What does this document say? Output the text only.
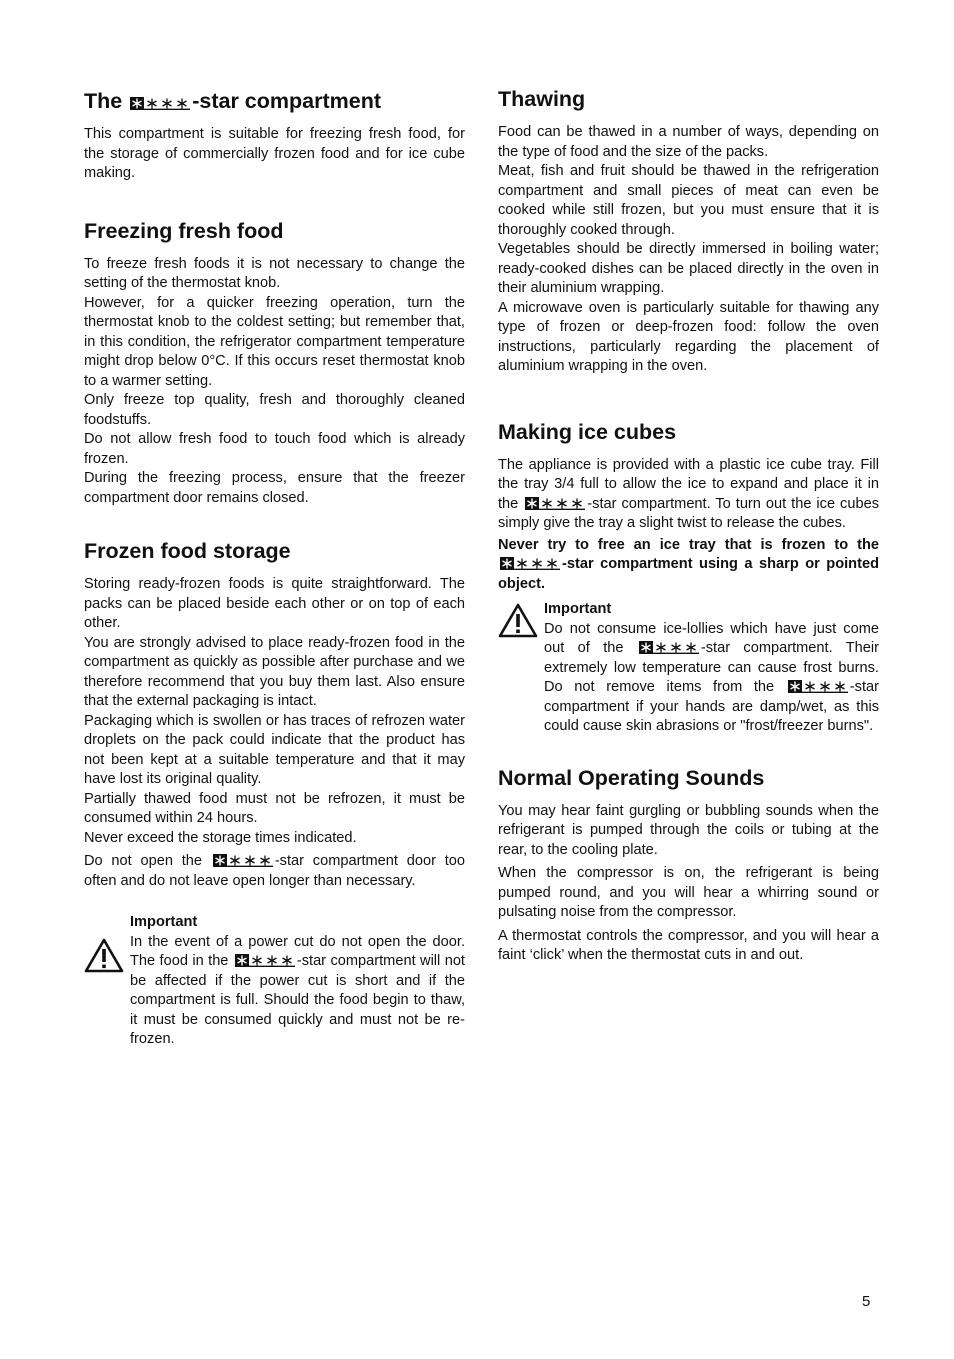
The	-star compartment

This compartment is suitable for freezing fresh food, for the storage of commercially frozen food and for ice cube making.

Freezing fresh food

To freeze fresh foods it is not necessary to change the setting of the thermostat knob.

However, for a quicker freezing operation, turn the thermostat knob to the coldest setting; but remember that, in this condition, the refrigerator compartment temperature might drop below 0°C. If this occurs reset thermostat knob to a warmer setting.

Only freeze top quality, fresh and thoroughly cleaned foodstuffs.

Do not allow fresh food to touch food which is already frozen.

During the freezing process, ensure that the freezer compartment door remains closed.

Frozen food storage

Storing ready-frozen foods is quite straightforward. The packs can be placed beside each other or on top of each other.

You are strongly advised to place ready-frozen food in the compartment as quickly as possible after purchase and we therefore recommend that you buy them last. Also ensure that the external packaging is intact.

Packaging which is swollen or has traces of refrozen water droplets on the pack could indicate that the product has not been kept at a suitable temperature and that it may have lost its original quality.

Partially thawed food must not be refrozen, it must be consumed within 24 hours.

Never exceed the storage times indicated.

Do not open the	-star compartment door too often and do not leave open longer than necessary.

Important

In the event of a power cut do not open the door. The food in the	-star compartment will not be affected if the power cut is short and if the compartment is full. Should the food begin to thaw, it must be consumed quickly and must not be re-frozen.

Thawing

Food can be thawed in a number of ways, depending on the type of food and the size of the packs.

Meat, fish and fruit should be thawed in the refrigeration compartment and small pieces of meat can even be cooked while still frozen, but you must ensure that it is thoroughly cooked through.

Vegetables should be directly immersed in boiling water; ready-cooked dishes can be placed directly in the oven in their aluminium wrapping.

A microwave oven is particularly suitable for thawing any type of frozen or deep-frozen food: follow the oven instructions, particularly regarding the placement of aluminium wrapping in the oven.

Making ice cubes

The appliance is provided with a plastic ice cube tray. Fill the tray 3/4 full to allow the ice to expand and place it in the	-star compartment. To turn out the ice cubes simply give the tray a slight twist to release the cubes.

Never try to free an ice tray that is frozen to the
-star compartment using a sharp or pointed object.

Important

Do not consume ice-lollies which have just come out of the	-star compartment. Their extremely low temperature can cause frost burns. Do not remove items from the	-star compartment if your hands are damp/wet, as this could cause skin abrasions or "frost/freezer burns".

Normal Operating Sounds

You may hear faint gurgling or bubbling sounds when the refrigerant is pumped through the coils or tubing at the rear, to the cooling plate.

When the compressor is on, the refrigerant is being pumped round, and you will hear a whirring sound or pulsating noise from the compressor.

A thermostat controls the compressor, and you will hear a faint ‘click’ when the thermostat cuts in and out.

5
